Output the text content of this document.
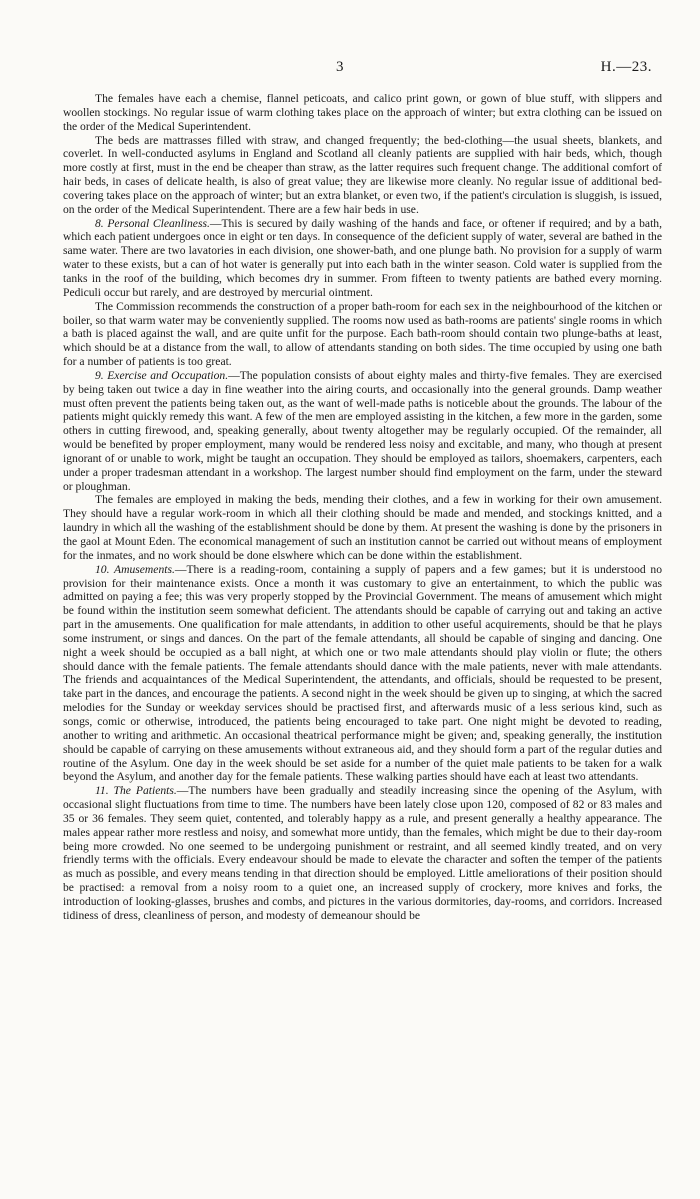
3	H.—23.

The females have each a chemise, flannel peticoats, and calico print gown, or gown of blue stuff, with slippers and woollen stockings. No regular issue of warm clothing takes place on the approach of winter; but extra clothing can be issued on the order of the Medical Superintendent.

The beds are mattrasses filled with straw, and changed frequently; the bed-clothing—the usual sheets, blankets, and coverlet. In well-conducted asylums in England and Scotland all cleanly patients are supplied with hair beds, which, though more costly at first, must in the end be cheaper than straw, as the latter requires such frequent change. The additional comfort of hair beds, in cases of delicate health, is also of great value; they are likewise more cleanly. No regular issue of additional bed-covering takes place on the approach of winter; but an extra blanket, or even two, if the patient's circulation is sluggish, is issued, on the order of the Medical Superintendent. There are a few hair beds in use.

8. Personal Cleanliness.—This is secured by daily washing of the hands and face, or oftener if required; and by a bath, which each patient undergoes once in eight or ten days. In consequence of the deficient supply of water, several are bathed in the same water. There are two lavatories in each division, one shower-bath, and one plunge bath. No provision for a supply of warm water to these exists, but a can of hot water is generally put into each bath in the winter season. Cold water is supplied from the tanks in the roof of the building, which becomes dry in summer. From fifteen to twenty patients are bathed every morning. Pediculi occur but rarely, and are destroyed by mercurial ointment.

The Commission recommends the construction of a proper bath-room for each sex in the neighbourhood of the kitchen or boiler, so that warm water may be conveniently supplied. The rooms now used as bath-rooms are patients' single rooms in which a bath is placed against the wall, and are quite unfit for the purpose. Each bath-room should contain two plunge-baths at least, which should be at a distance from the wall, to allow of attendants standing on both sides. The time occupied by using one bath for a number of patients is too great.

9. Exercise and Occupation.—The population consists of about eighty males and thirty-five females. They are exercised by being taken out twice a day in fine weather into the airing courts, and occasionally into the general grounds. Damp weather must often prevent the patients being taken out, as the want of well-made paths is noticeble about the grounds. The labour of the patients might quickly remedy this want. A few of the men are employed assisting in the kitchen, a few more in the garden, some others in cutting firewood, and, speaking generally, about twenty altogether may be regularly occupied. Of the remainder, all would be benefited by proper employment, many would be rendered less noisy and excitable, and many, who though at present ignorant of or unable to work, might be taught an occupation. They should be employed as tailors, shoemakers, carpenters, each under a proper tradesman attendant in a workshop. The largest number should find employment on the farm, under the steward or ploughman.

The females are employed in making the beds, mending their clothes, and a few in working for their own amusement. They should have a regular work-room in which all their clothing should be made and mended, and stockings knitted, and a laundry in which all the washing of the establishment should be done by them. At present the washing is done by the prisoners in the gaol at Mount Eden. The economical management of such an institution cannot be carried out without means of employment for the inmates, and no work should be done elswhere which can be done within the establishment.

10. Amusements.—There is a reading-room, containing a supply of papers and a few games; but it is understood no provision for their maintenance exists. Once a month it was customary to give an entertainment, to which the public was admitted on paying a fee; this was very properly stopped by the Provincial Government. The means of amusement which might be found within the institution seem somewhat deficient. The attendants should be capable of carrying out and taking an active part in the amusements. One qualification for male attendants, in addition to other useful acquirements, should be that he plays some instrument, or sings and dances. On the part of the female attendants, all should be capable of singing and dancing. One night a week should be occupied as a ball night, at which one or two male attendants should play violin or flute; the others should dance with the female patients. The female attendants should dance with the male patients, never with male attendants. The friends and acquaintances of the Medical Superintendent, the attendants, and officials, should be requested to be present, take part in the dances, and encourage the patients. A second night in the week should be given up to singing, at which the sacred melodies for the Sunday or weekday services should be practised first, and afterwards music of a less serious kind, such as songs, comic or otherwise, introduced, the patients being encouraged to take part. One night might be devoted to reading, another to writing and arithmetic. An occasional theatrical performance might be given; and, speaking generally, the institution should be capable of carrying on these amusements without extraneous aid, and they should form a part of the regular duties and routine of the Asylum. One day in the week should be set aside for a number of the quiet male patients to be taken for a walk beyond the Asylum, and another day for the female patients. These walking parties should have each at least two attendants.

11. The Patients.—The numbers have been gradually and steadily increasing since the opening of the Asylum, with occasional slight fluctuations from time to time. The numbers have been lately close upon 120, composed of 82 or 83 males and 35 or 36 females. They seem quiet, contented, and tolerably happy as a rule, and present generally a healthy appearance. The males appear rather more restless and noisy, and somewhat more untidy, than the females, which might be due to their day-room being more crowded. No one seemed to be undergoing punishment or restraint, and all seemed kindly treated, and on very friendly terms with the officials. Every endeavour should be made to elevate the character and soften the temper of the patients as much as possible, and every means tending in that direction should be employed. Little ameliorations of their position should be practised: a removal from a noisy room to a quiet one, an increased supply of crockery, more knives and forks, the introduction of looking-glasses, brushes and combs, and pictures in the various dormitories, day-rooms, and corridors. Increased tidiness of dress, cleanliness of person, and modesty of demeanour should be
